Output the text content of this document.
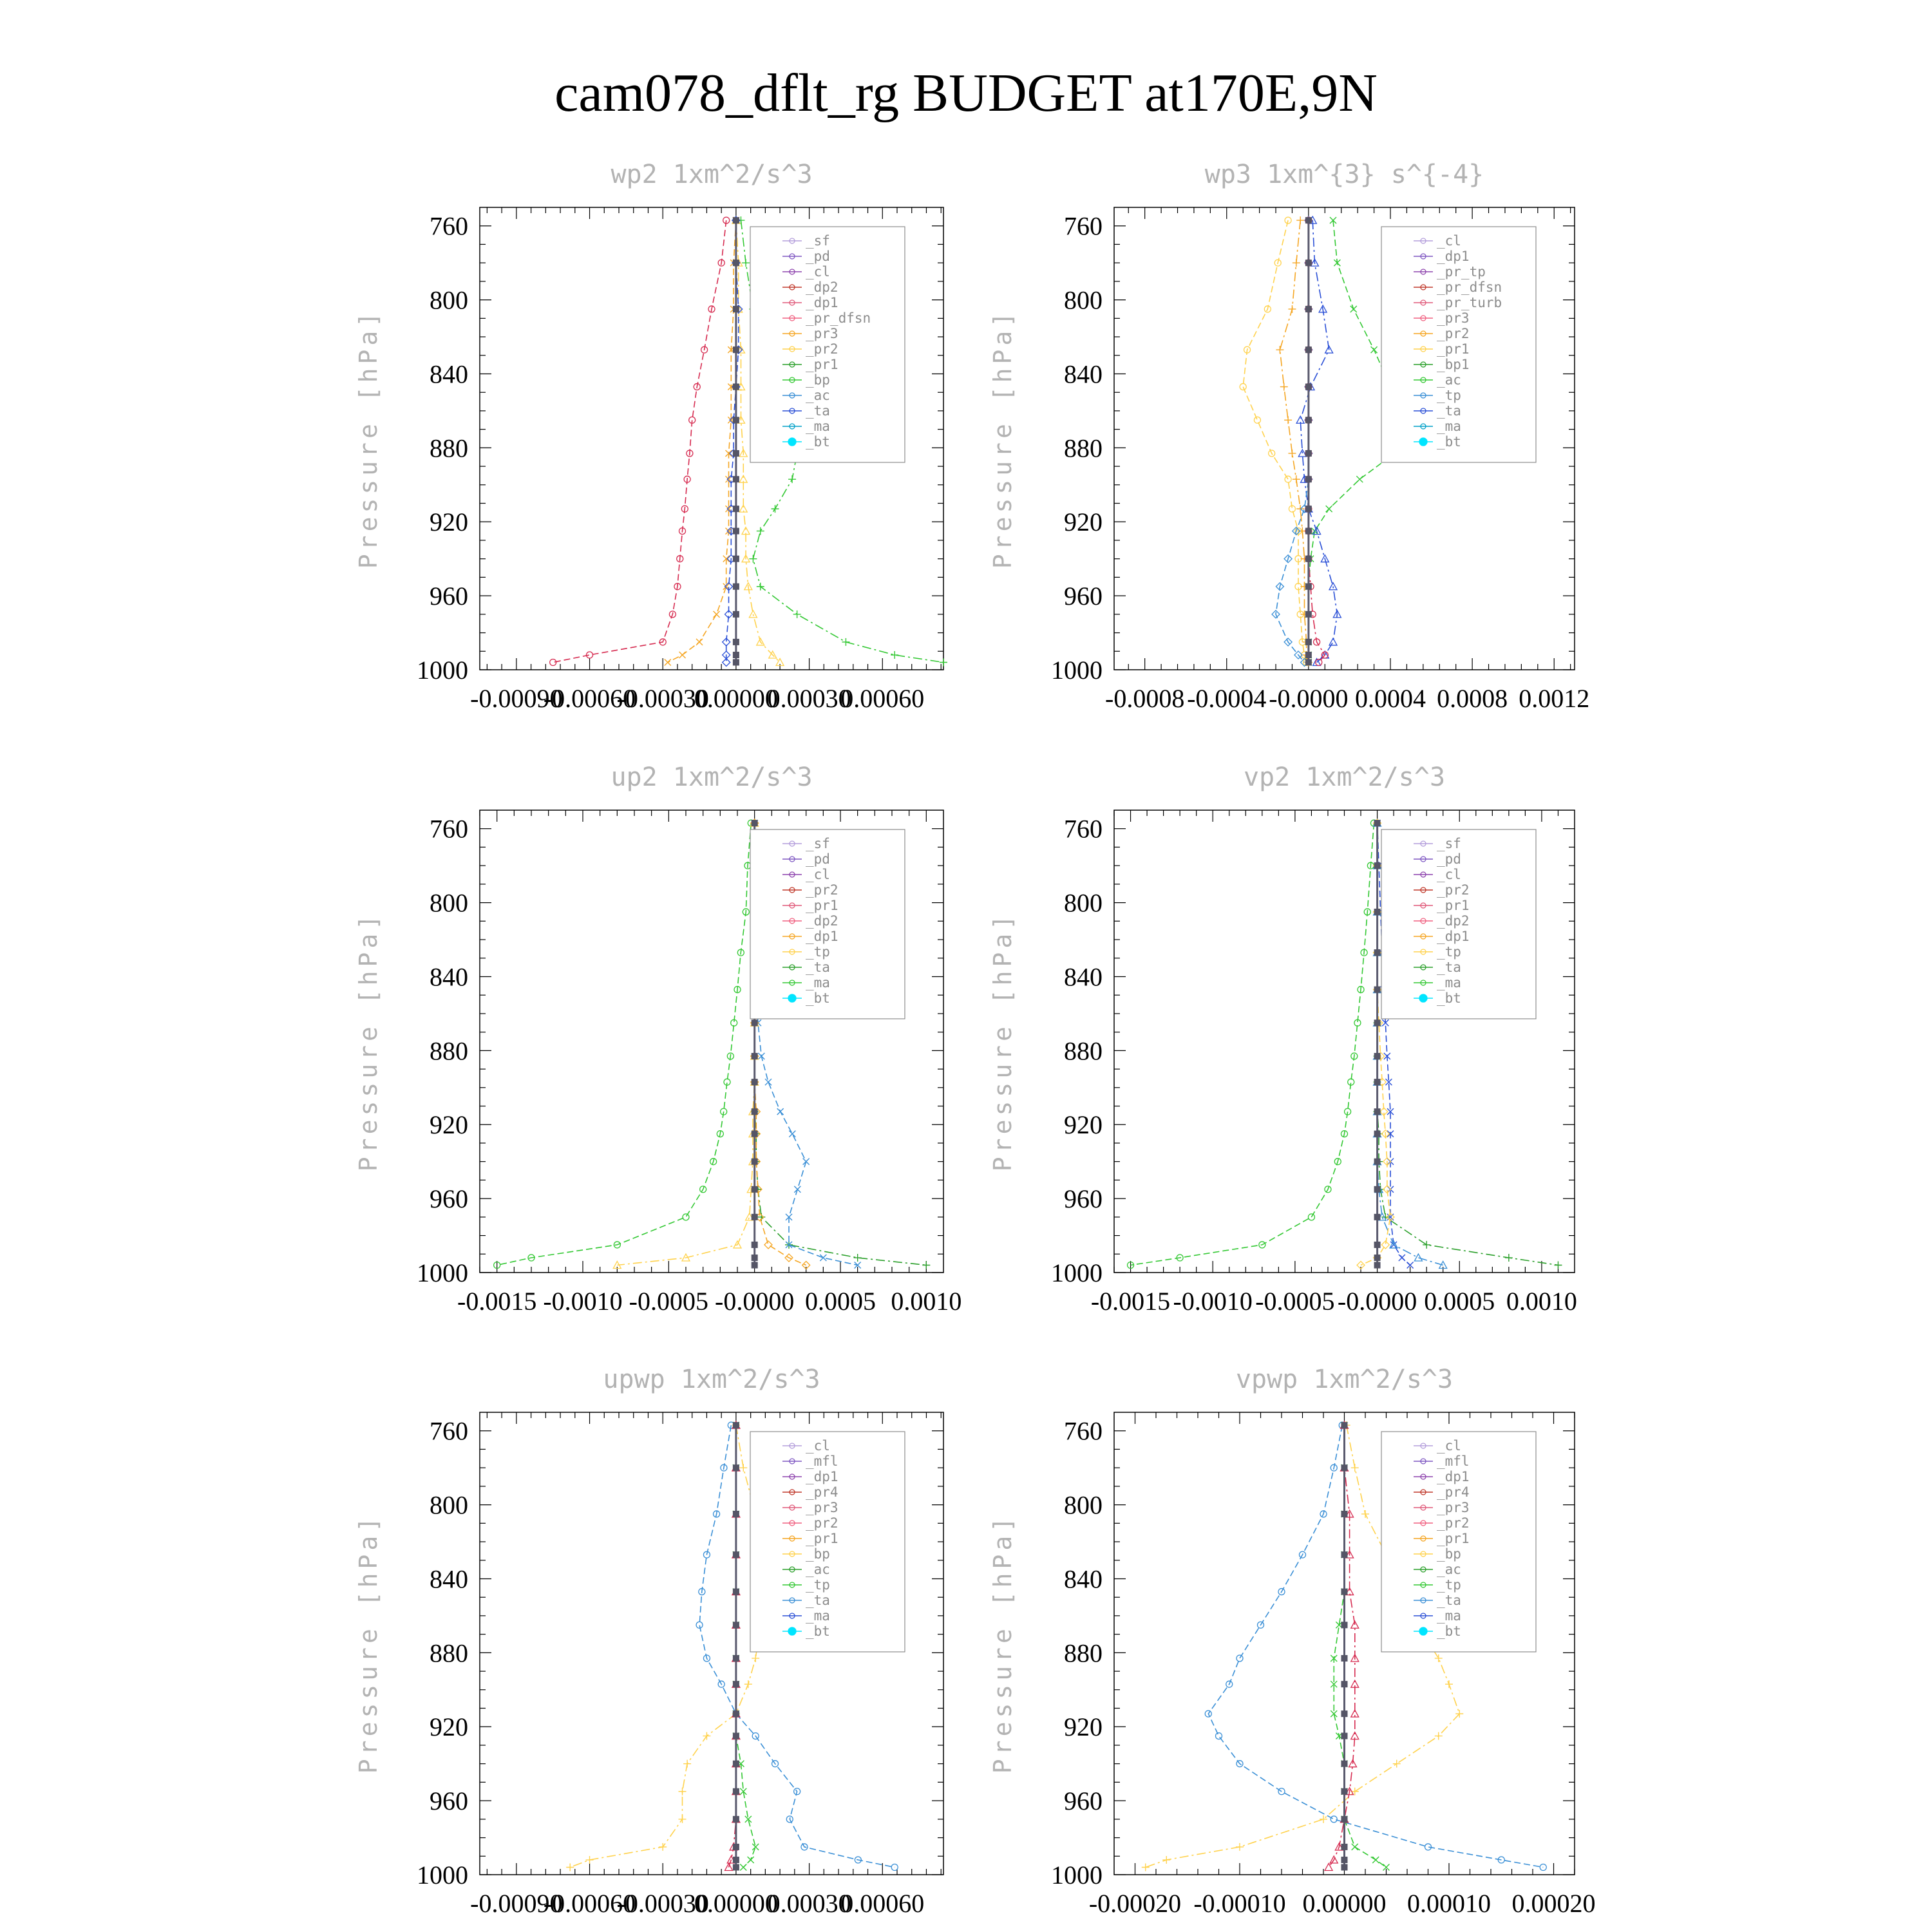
cam078_dflt_rg BUDGET at170E,9N
wp2 1xm^2/s^3
Pressure [hPa]
760
800
840
880
920
960
1000
-0.00090
-0.00060
-0.00030
0.00000
0.00030
0.00060
_sf
_pd
_cl
_dp2
_dp1
_pr_dfsn
_pr3
_pr2
_pr1
_bp
_ac
_ta
_ma
_bt
wp3 1xm^{3} s^{-4}
Pressure [hPa]
760
800
840
880
920
960
1000
-0.0008 -0.0004 -0.0000 0.0004 0.0008 0.0012
_cl
_dp1
_pr_tp
_pr_dfsn
_pr_turb
_pr3
_pr2
_pr1
_bp1
_ac
_tp
_ta
_ma
_bt
up2 1xm^2/s^3
Pressure [hPa]
760
800
840
880
920
960
1000
-0.0015 -0.0010 -0.0005 -0.0000 0.0005 0.0010
_sf
_pd
_cl
_pr2
_pr1
_dp2
_dp1
_tp
_ta
_ma
_bt
vp2 1xm^2/s^3
Pressure [hPa]
760
800
840
880
920
960
1000
-0.0015 -0.0010 -0.0005 -0.0000 0.0005 0.0010
_sf
_pd
_cl
_pr2
_pr1
_dp2
_dp1
_tp
_ta
_ma
_bt
upwp 1xm^2/s^3
Pressure [hPa]
760
800
840
880
920
960
1000
-0.00090
-0.00060
-0.00030
0.00000
0.00030
0.00060
_cl
_mfl
_dp1
_pr4
_pr3
_pr2
_pr1
_bp
_ac
_tp
_ta
_ma
_bt
vpwp 1xm^2/s^3
Pressure [hPa]
760
800
840
880
920
960
1000
-0.00020 -0.00010 0.00000 0.00010 0.00020
_cl
_mfl
_dp1
_pr4
_pr3
_pr2
_pr1
_bp
_ac
_tp
_ta
_ma
_bt
